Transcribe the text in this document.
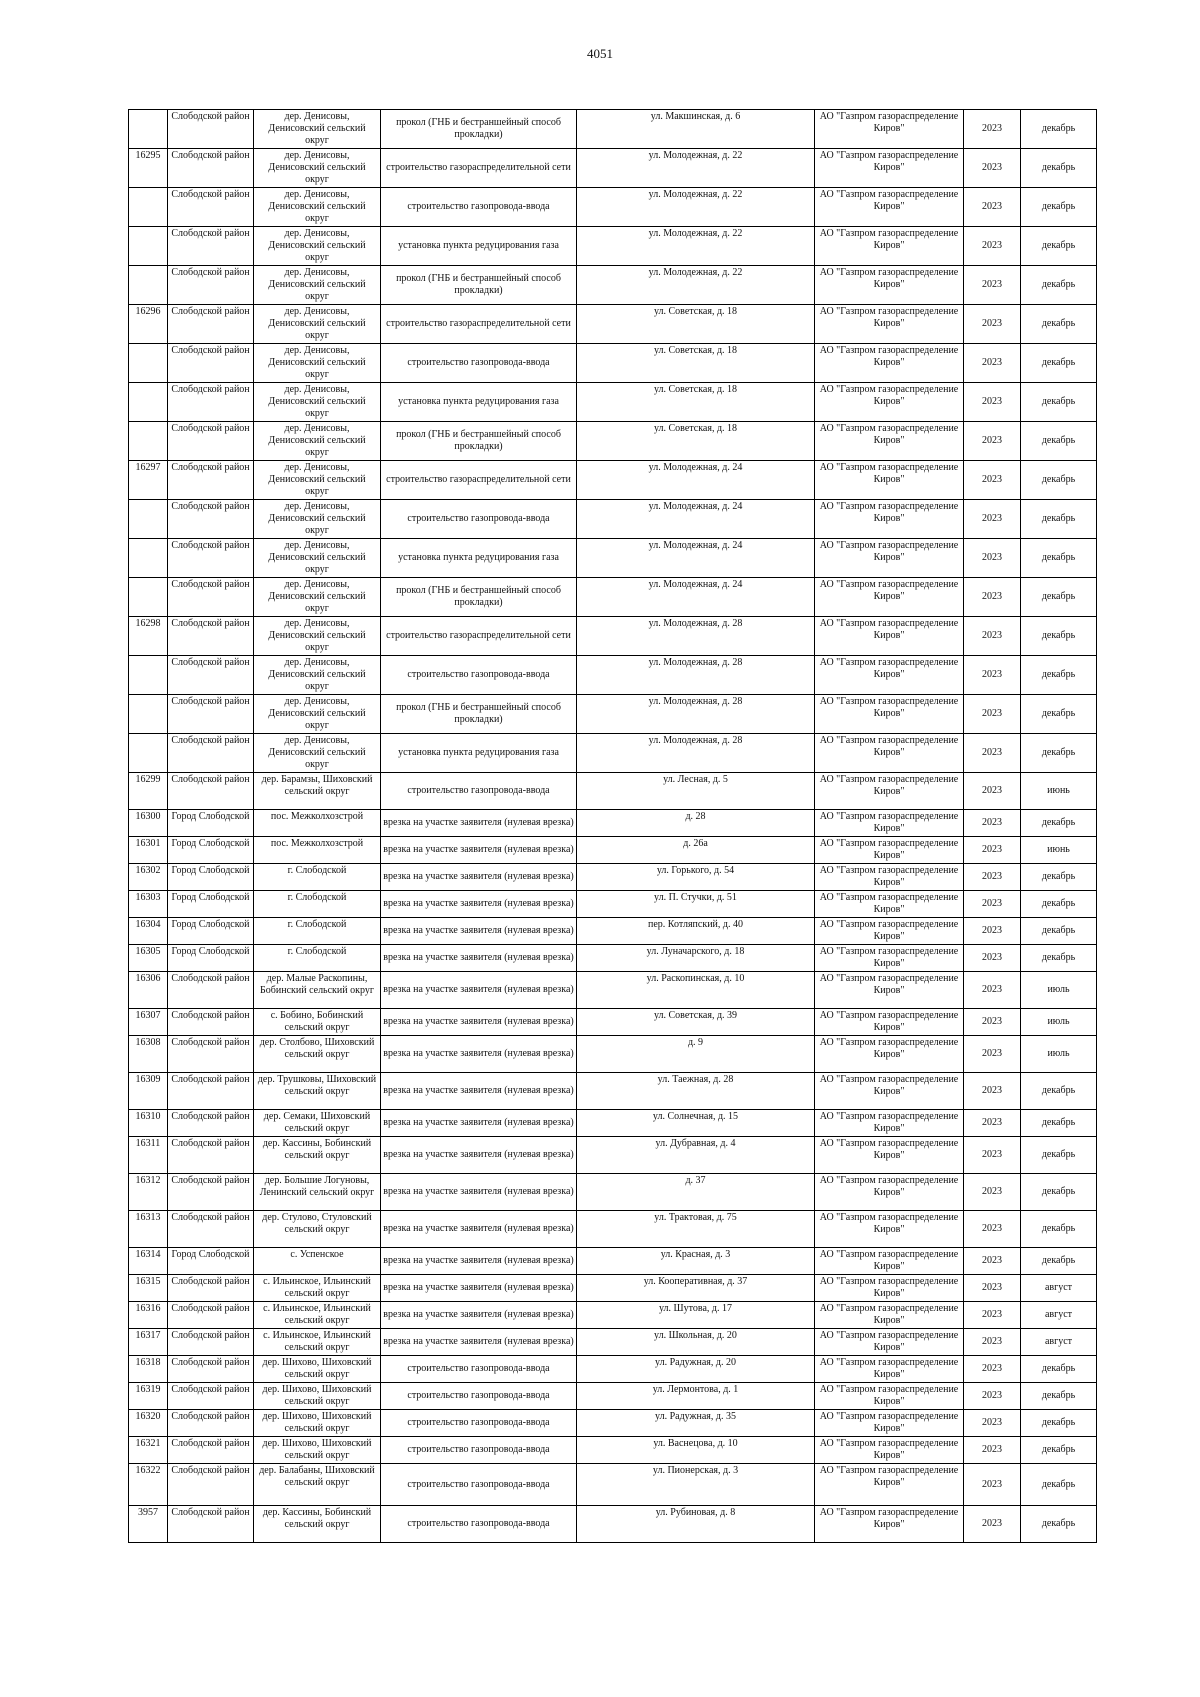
4051
	Слободской район	дер. Денисовы, Денисовский сельский округ	прокол (ГНБ и бестраншейный способ прокладки)	ул. Макшинская, д. 6	АО "Газпром газораспределение Киров"	2023	декабрь
16295	Слободской район	дер. Денисовы, Денисовский сельский округ	строительство газораспределительной сети	ул. Молодежная, д. 22	АО "Газпром газораспределение Киров"	2023	декабрь
	Слободской район	дер. Денисовы, Денисовский сельский округ	строительство газопровода-ввода	ул. Молодежная, д. 22	АО "Газпром газораспределение Киров"	2023	декабрь
	Слободской район	дер. Денисовы, Денисовский сельский округ	установка пункта редуцирования газа	ул. Молодежная, д. 22	АО "Газпром газораспределение Киров"	2023	декабрь
	Слободской район	дер. Денисовы, Денисовский сельский округ	прокол (ГНБ и бестраншейный способ прокладки)	ул. Молодежная, д. 22	АО "Газпром газораспределение Киров"	2023	декабрь
16296	Слободской район	дер. Денисовы, Денисовский сельский округ	строительство газораспределительной сети	ул. Советская, д. 18	АО "Газпром газораспределение Киров"	2023	декабрь
	Слободской район	дер. Денисовы, Денисовский сельский округ	строительство газопровода-ввода	ул. Советская, д. 18	АО "Газпром газораспределение Киров"	2023	декабрь
	Слободской район	дер. Денисовы, Денисовский сельский округ	установка пункта редуцирования газа	ул. Советская, д. 18	АО "Газпром газораспределение Киров"	2023	декабрь
	Слободской район	дер. Денисовы, Денисовский сельский округ	прокол (ГНБ и бестраншейный способ прокладки)	ул. Советская, д. 18	АО "Газпром газораспределение Киров"	2023	декабрь
16297	Слободской район	дер. Денисовы, Денисовский сельский округ	строительство газораспределительной сети	ул. Молодежная, д. 24	АО "Газпром газораспределение Киров"	2023	декабрь
	Слободской район	дер. Денисовы, Денисовский сельский округ	строительство газопровода-ввода	ул. Молодежная, д. 24	АО "Газпром газораспределение Киров"	2023	декабрь
	Слободской район	дер. Денисовы, Денисовский сельский округ	установка пункта редуцирования газа	ул. Молодежная, д. 24	АО "Газпром газораспределение Киров"	2023	декабрь
	Слободской район	дер. Денисовы, Денисовский сельский округ	прокол (ГНБ и бестраншейный способ прокладки)	ул. Молодежная, д. 24	АО "Газпром газораспределение Киров"	2023	декабрь
16298	Слободской район	дер. Денисовы, Денисовский сельский округ	строительство газораспределительной сети	ул. Молодежная, д. 28	АО "Газпром газораспределение Киров"	2023	декабрь
	Слободской район	дер. Денисовы, Денисовский сельский округ	строительство газопровода-ввода	ул. Молодежная, д. 28	АО "Газпром газораспределение Киров"	2023	декабрь
	Слободской район	дер. Денисовы, Денисовский сельский округ	прокол (ГНБ и бестраншейный способ прокладки)	ул. Молодежная, д. 28	АО "Газпром газораспределение Киров"	2023	декабрь
	Слободской район	дер. Денисовы, Денисовский сельский округ	установка пункта редуцирования газа	ул. Молодежная, д. 28	АО "Газпром газораспределение Киров"	2023	декабрь
16299	Слободской район	дер. Барамзы, Шиховский сельский округ	строительство газопровода-ввода	ул. Лесная, д. 5	АО "Газпром газораспределение Киров"	2023	июнь
16300	Город Слободской	пос. Межколхозстрой	врезка на участке заявителя (нулевая врезка)	д. 28	АО "Газпром газораспределение Киров"	2023	декабрь
16301	Город Слободской	пос. Межколхозстрой	врезка на участке заявителя (нулевая врезка)	д. 26а	АО "Газпром газораспределение Киров"	2023	июнь
16302	Город Слободской	г. Слободской	врезка на участке заявителя (нулевая врезка)	ул. Горького, д. 54	АО "Газпром газораспределение Киров"	2023	декабрь
16303	Город Слободской	г. Слободской	врезка на участке заявителя (нулевая врезка)	ул. П. Стучки, д. 51	АО "Газпром газораспределение Киров"	2023	декабрь
16304	Город Слободской	г. Слободской	врезка на участке заявителя (нулевая врезка)	пер. Котляпский, д. 40	АО "Газпром газораспределение Киров"	2023	декабрь
16305	Город Слободской	г. Слободской	врезка на участке заявителя (нулевая врезка)	ул. Луначарского, д. 18	АО "Газпром газораспределение Киров"	2023	декабрь
16306	Слободской район	дер. Малые Раскопины, Бобинский сельский округ	врезка на участке заявителя (нулевая врезка)	ул. Раскопинская, д. 10	АО "Газпром газораспределение Киров"	2023	июль
16307	Слободской район	с. Бобино, Бобинский сельский округ	врезка на участке заявителя (нулевая врезка)	ул. Советская, д. 39	АО "Газпром газораспределение Киров"	2023	июль
16308	Слободской район	дер. Столбово, Шиховский сельский округ	врезка на участке заявителя (нулевая врезка)	д. 9	АО "Газпром газораспределение Киров"	2023	июль
16309	Слободской район	дер. Трушковы, Шиховский сельский округ	врезка на участке заявителя (нулевая врезка)	ул. Таежная, д. 28	АО "Газпром газораспределение Киров"	2023	декабрь
16310	Слободской район	дер. Семаки, Шиховский сельский округ	врезка на участке заявителя (нулевая врезка)	ул. Солнечная, д. 15	АО "Газпром газораспределение Киров"	2023	декабрь
16311	Слободской район	дер. Кассины, Бобинский сельский округ	врезка на участке заявителя (нулевая врезка)	ул. Дубравная, д. 4	АО "Газпром газораспределение Киров"	2023	декабрь
16312	Слободской район	дер. Большие Логуновы, Ленинский сельский округ	врезка на участке заявителя (нулевая врезка)	д. 37	АО "Газпром газораспределение Киров"	2023	декабрь
16313	Слободской район	дер. Стулово, Стуловский сельский округ	врезка на участке заявителя (нулевая врезка)	ул. Трактовая, д. 75	АО "Газпром газораспределение Киров"	2023	декабрь
16314	Город Слободской	с. Успенское	врезка на участке заявителя (нулевая врезка)	ул. Красная, д. 3	АО "Газпром газораспределение Киров"	2023	декабрь
16315	Слободской район	с. Ильинское, Ильинский сельский округ	врезка на участке заявителя (нулевая врезка)	ул. Кооперативная, д. 37	АО "Газпром газораспределение Киров"	2023	август
16316	Слободской район	с. Ильинское, Ильинский сельский округ	врезка на участке заявителя (нулевая врезка)	ул. Шутова, д. 17	АО "Газпром газораспределение Киров"	2023	август
16317	Слободской район	с. Ильинское, Ильинский сельский округ	врезка на участке заявителя (нулевая врезка)	ул. Школьная, д. 20	АО "Газпром газораспределение Киров"	2023	август
16318	Слободской район	дер. Шихово, Шиховский сельский округ	строительство газопровода-ввода	ул. Радужная, д. 20	АО "Газпром газораспределение Киров"	2023	декабрь
16319	Слободской район	дер. Шихово, Шиховский сельский округ	строительство газопровода-ввода	ул. Лермонтова, д. 1	АО "Газпром газораспределение Киров"	2023	декабрь
16320	Слободской район	дер. Шихово, Шиховский сельский округ	строительство газопровода-ввода	ул. Радужная, д. 35	АО "Газпром газораспределение Киров"	2023	декабрь
16321	Слободской район	дер. Шихово, Шиховский сельский округ	строительство газопровода-ввода	ул. Васнецова, д. 10	АО "Газпром газораспределение Киров"	2023	декабрь
16322	Слободской район	дер. Балабаны, Шиховский сельский округ	строительство газопровода-ввода	ул. Пионерская, д. 3	АО "Газпром газораспределение Киров"	2023	декабрь
3957	Слободской район	дер. Кассины, Бобинский сельский округ	строительство газопровода-ввода	ул. Рубиновая, д. 8	АО "Газпром газораспределение Киров"	2023	декабрь
